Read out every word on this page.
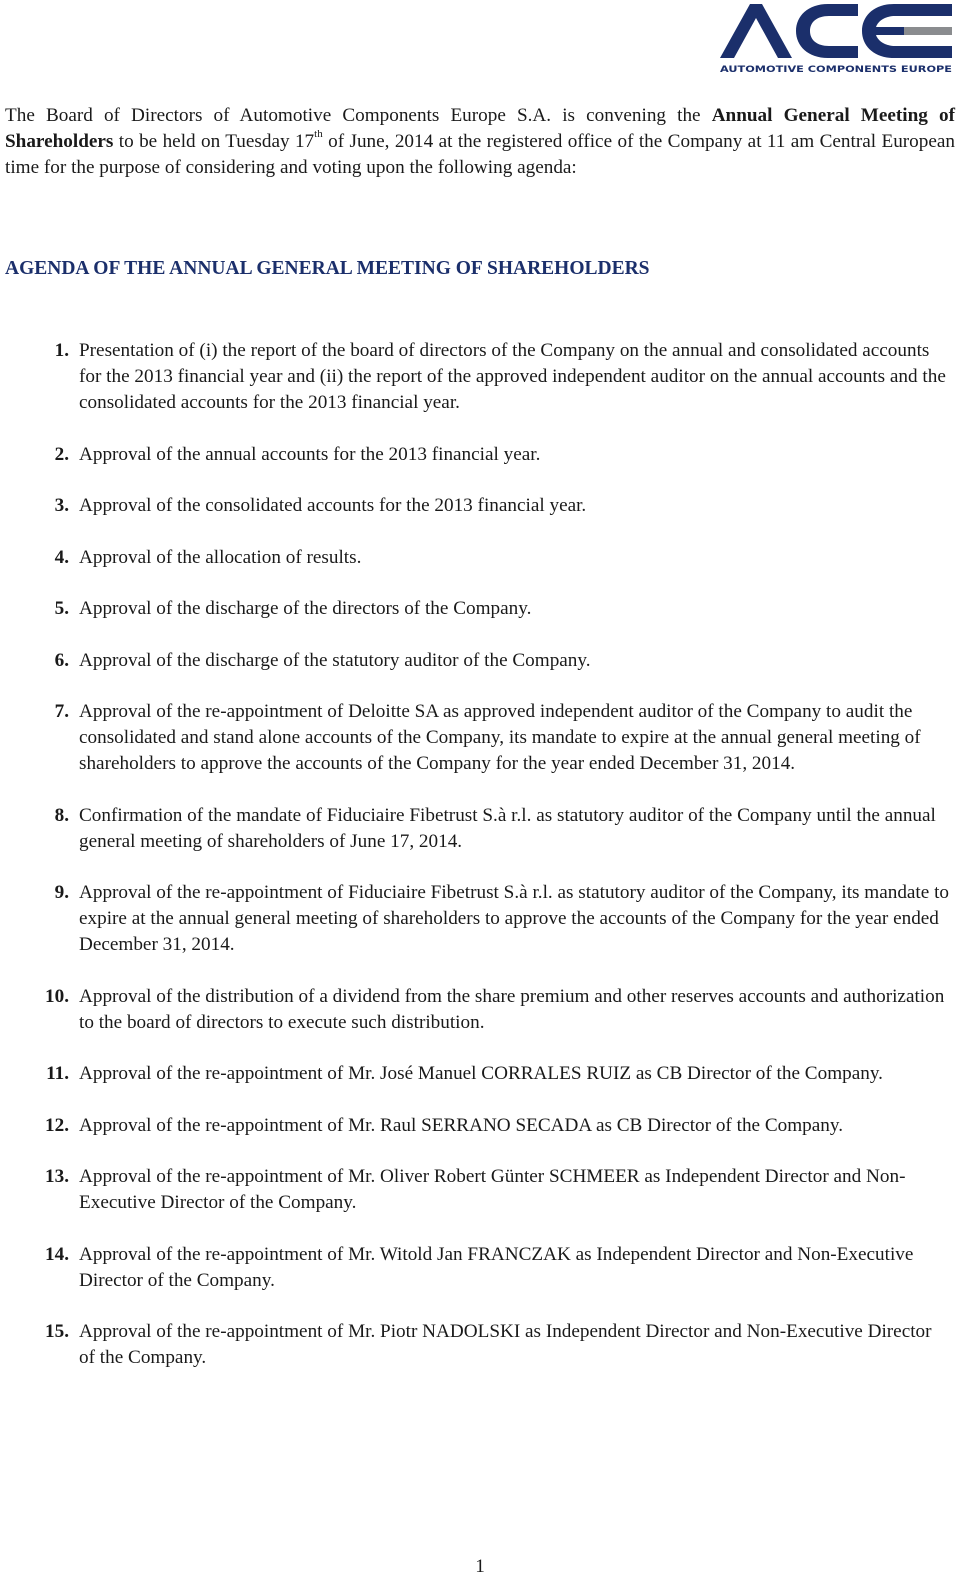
AUTOMOTIVE COMPONENTS EUROPE

The Board of Directors of Automotive Components Europe S.A. is convening the Annual General Meeting of Shareholders to be held on Tuesday 17th of June, 2014 at the registered office of the Company at 11 am Central European time for the purpose of considering and voting upon the following agenda:

AGENDA OF THE ANNUAL GENERAL MEETING OF SHAREHOLDERS
1. Presentation of (i) the report of the board of directors of the Company on the annual and consolidated accounts for the 2013 financial year and (ii) the report of the approved independent auditor on the annual accounts and the consolidated accounts for the 2013 financial year.
2. Approval of the annual accounts for the 2013 financial year.
3. Approval of the consolidated accounts for the 2013 financial year.
4. Approval of the allocation of results.
5. Approval of the discharge of the directors of the Company.
6. Approval of the discharge of the statutory auditor of the Company.
7. Approval of the re-appointment of Deloitte SA as approved independent auditor of the Company to audit the consolidated and stand alone accounts of the Company, its mandate to expire at the annual general meeting of shareholders to approve the accounts of the Company for the year ended December 31, 2014.
8. Confirmation of the mandate of Fiduciaire Fibetrust S.à r.l. as statutory auditor of the Company until the annual general meeting of shareholders of June 17, 2014.
9. Approval of the re-appointment of Fiduciaire Fibetrust S.à r.l. as statutory auditor of the Company, its mandate to expire at the annual general meeting of shareholders to approve the accounts of the Company for the year ended December 31, 2014.
10. Approval of the distribution of a dividend from the share premium and other reserves accounts and authorization to the board of directors to execute such distribution.
11. Approval of the re-appointment of Mr. José Manuel CORRALES RUIZ as CB Director of the Company.
12. Approval of the re-appointment of Mr. Raul SERRANO SECADA as CB Director of the Company.
13. Approval of the re-appointment of Mr. Oliver Robert Günter SCHMEER as Independent Director and Non-Executive Director of the Company.
14. Approval of the re-appointment of Mr. Witold Jan FRANCZAK as Independent Director and Non-Executive Director of the Company.
15. Approval of the re-appointment of Mr. Piotr NADOLSKI as Independent Director and Non-Executive Director of the Company.

1
